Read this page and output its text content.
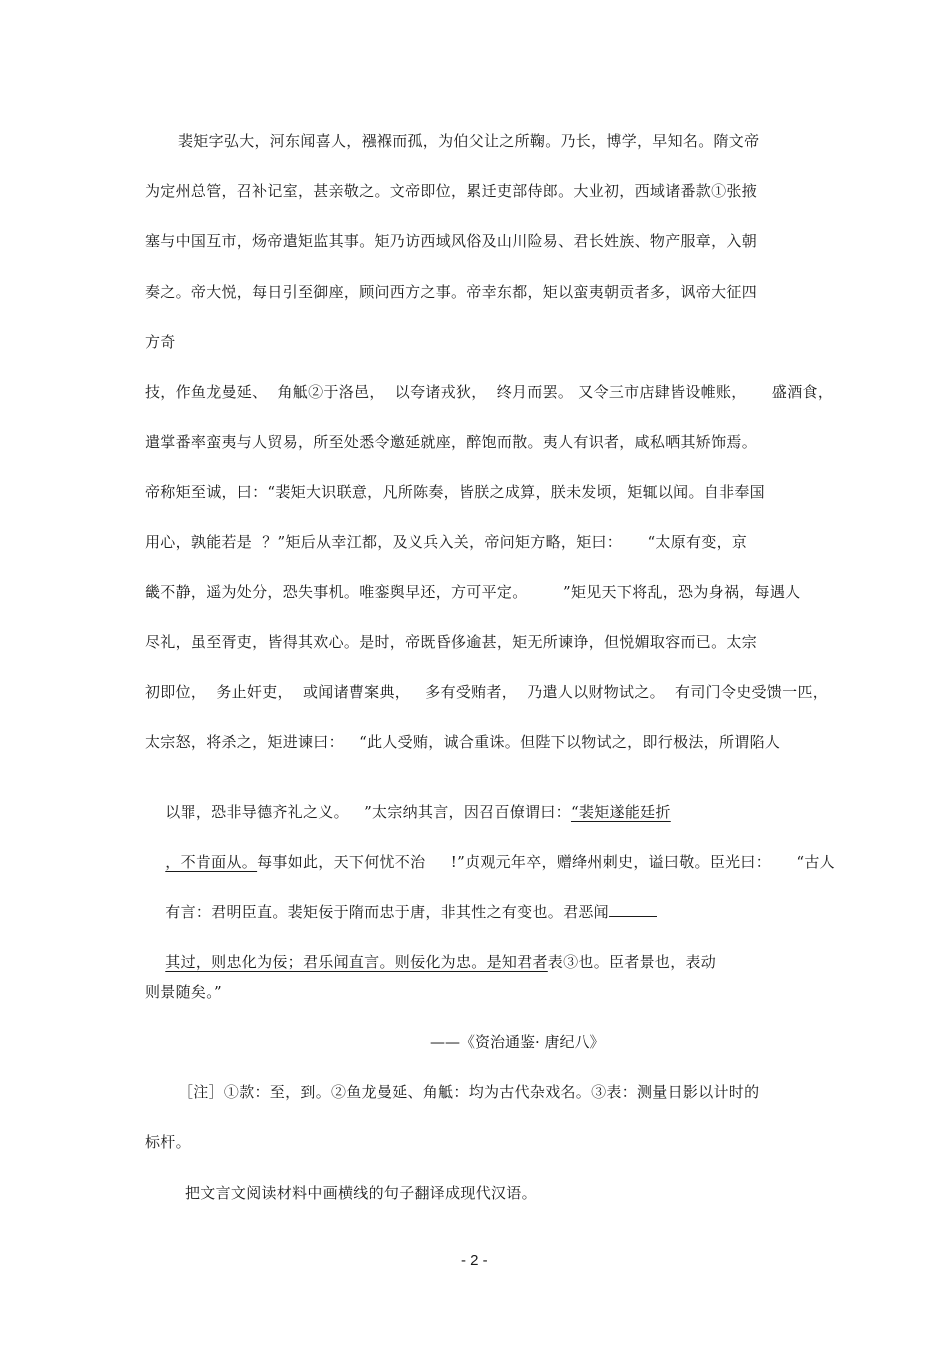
裴矩字弘大，河东闻喜人，襁褓而孤，为伯父让之所鞠。乃长，博学，早知名。隋文帝
为定州总管，召补记室，甚亲敬之。文帝即位，累迁吏部侍郎。大业初，西域诸番款①张掖
塞与中国互市，炀帝遣矩监其事。矩乃访西域风俗及山川险易、君长姓族、物产服章，入朝
奏之。帝大悦，每日引至御座，顾问西方之事。帝幸东都，矩以蛮夷朝贡者多，讽帝大征四
方奇
技，作鱼龙曼延、  角觝②于洛邑，  以夸诸戎狄，  终月而罢。 又令三市店肆皆设帷账，     盛酒食，
遣掌番率蛮夷与人贸易，所至处悉令邀延就座，醉饱而散。夷人有识者，咸私哂其矫饰焉。
帝称矩至诚，曰：“裴矩大识联意，凡所陈奏，皆朕之成算，朕未发顷，矩辄以闻。自非奉国
用心，孰能若是  ？”矩后从幸江都，及义兵入关，帝问矩方略，矩曰：     “太原有变，京
畿不静，遥为处分，恐失事机。唯銮舆早还，方可平定。       ”矩见天下将乱，恐为身祸，每遇人
尽礼，虽至胥吏，皆得其欢心。是时，帝既昏侈逾甚，矩无所谏诤，但悦媚取容而已。太宗
初即位，  务止奸吏，  或闻诸曹案典，   多有受贿者，  乃遣人以财物试之。  有司门令史受馈一匹，
太宗怒，将杀之，矩进谏曰：   “此人受贿，诚合重诛。但陛下以物试之，即行极法，所谓陷人

以罪，恐非导德齐礼之义。   ”太宗纳其言，因召百僚谓曰：“裴矩遂能廷折

，不肯面从。每事如此，天下何忧不治     !”贞观元年卒，赠绛州刺史，谥曰敬。臣光曰：     “古人

有言：君明臣直。裴矩佞于隋而忠于唐，非其性之有变也。君恶闻

其过，则忠化为佞；君乐闻直言。则佞化为忠。是知君者表③也。臣者景也，表动

则景随矣。”
——《资治通鉴· 唐纪八》
［注］①款：至，到。②鱼龙曼延、角觝：均为古代杂戏名。③表：测量日影以计时的
标杆。
把文言文阅读材料中画横线的句子翻译成现代汉语。
- 2 -
